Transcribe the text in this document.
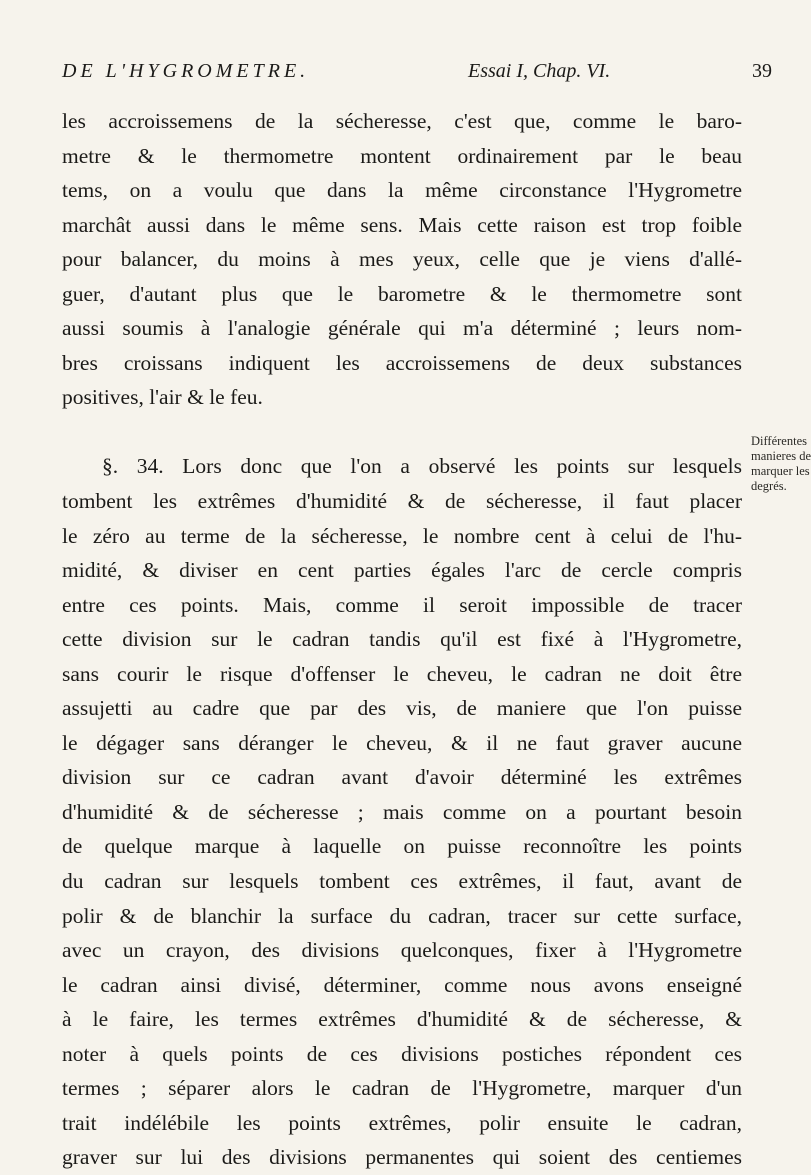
DE L'HYGROMETRE.	Essai I, Chap. VI.	39
les accroissemens de la sécheresse, c'est que, comme le baro-
metre & le thermometre montent ordinairement par le beau
tems, on a voulu que dans la même circonstance l'Hygrometre
marchât aussi dans le même sens. Mais cette raison est trop foible
pour balancer, du moins à mes yeux, celle que je viens d'allé-
guer, d'autant plus que le barometre & le thermometre sont
aussi soumis à l'analogie générale qui m'a déterminé ; leurs nom-
bres croissans indiquent les accroissemens de deux substances
positives, l'air & le feu.
§. 34. Lors donc que l'on a observé les points sur lesquels
tombent les extrêmes d'humidité & de sécheresse, il faut placer
le zéro au terme de la sécheresse, le nombre cent à celui de l'hu-
midité, & diviser en cent parties égales l'arc de cercle compris
entre ces points. Mais, comme il seroit impossible de tracer
cette division sur le cadran tandis qu'il est fixé à l'Hygrometre,
sans courir le risque d'offenser le cheveu, le cadran ne doit être
assujetti au cadre que par des vis, de maniere que l'on puisse
le dégager sans déranger le cheveu, & il ne faut graver aucune
division sur ce cadran avant d'avoir déterminé les extrêmes
d'humidité & de sécheresse ; mais comme on a pourtant besoin
de quelque marque à laquelle on puisse reconnoître les points
du cadran sur lesquels tombent ces extrêmes, il faut, avant de
polir & de blanchir la surface du cadran, tracer sur cette surface,
avec un crayon, des divisions quelconques, fixer à l'Hygrometre
le cadran ainsi divisé, déterminer, comme nous avons enseigné
à le faire, les termes extrêmes d'humidité & de sécheresse, &
noter à quels points de ces divisions postiches répondent ces
termes ; séparer alors le cadran de l'Hygrometre, marquer d'un
trait indélébile les points extrêmes, polir ensuite le cadran,
graver sur lui des divisions permanentes qui soient des centiemes
Différentes
manieres de
marquer les
degrés.
